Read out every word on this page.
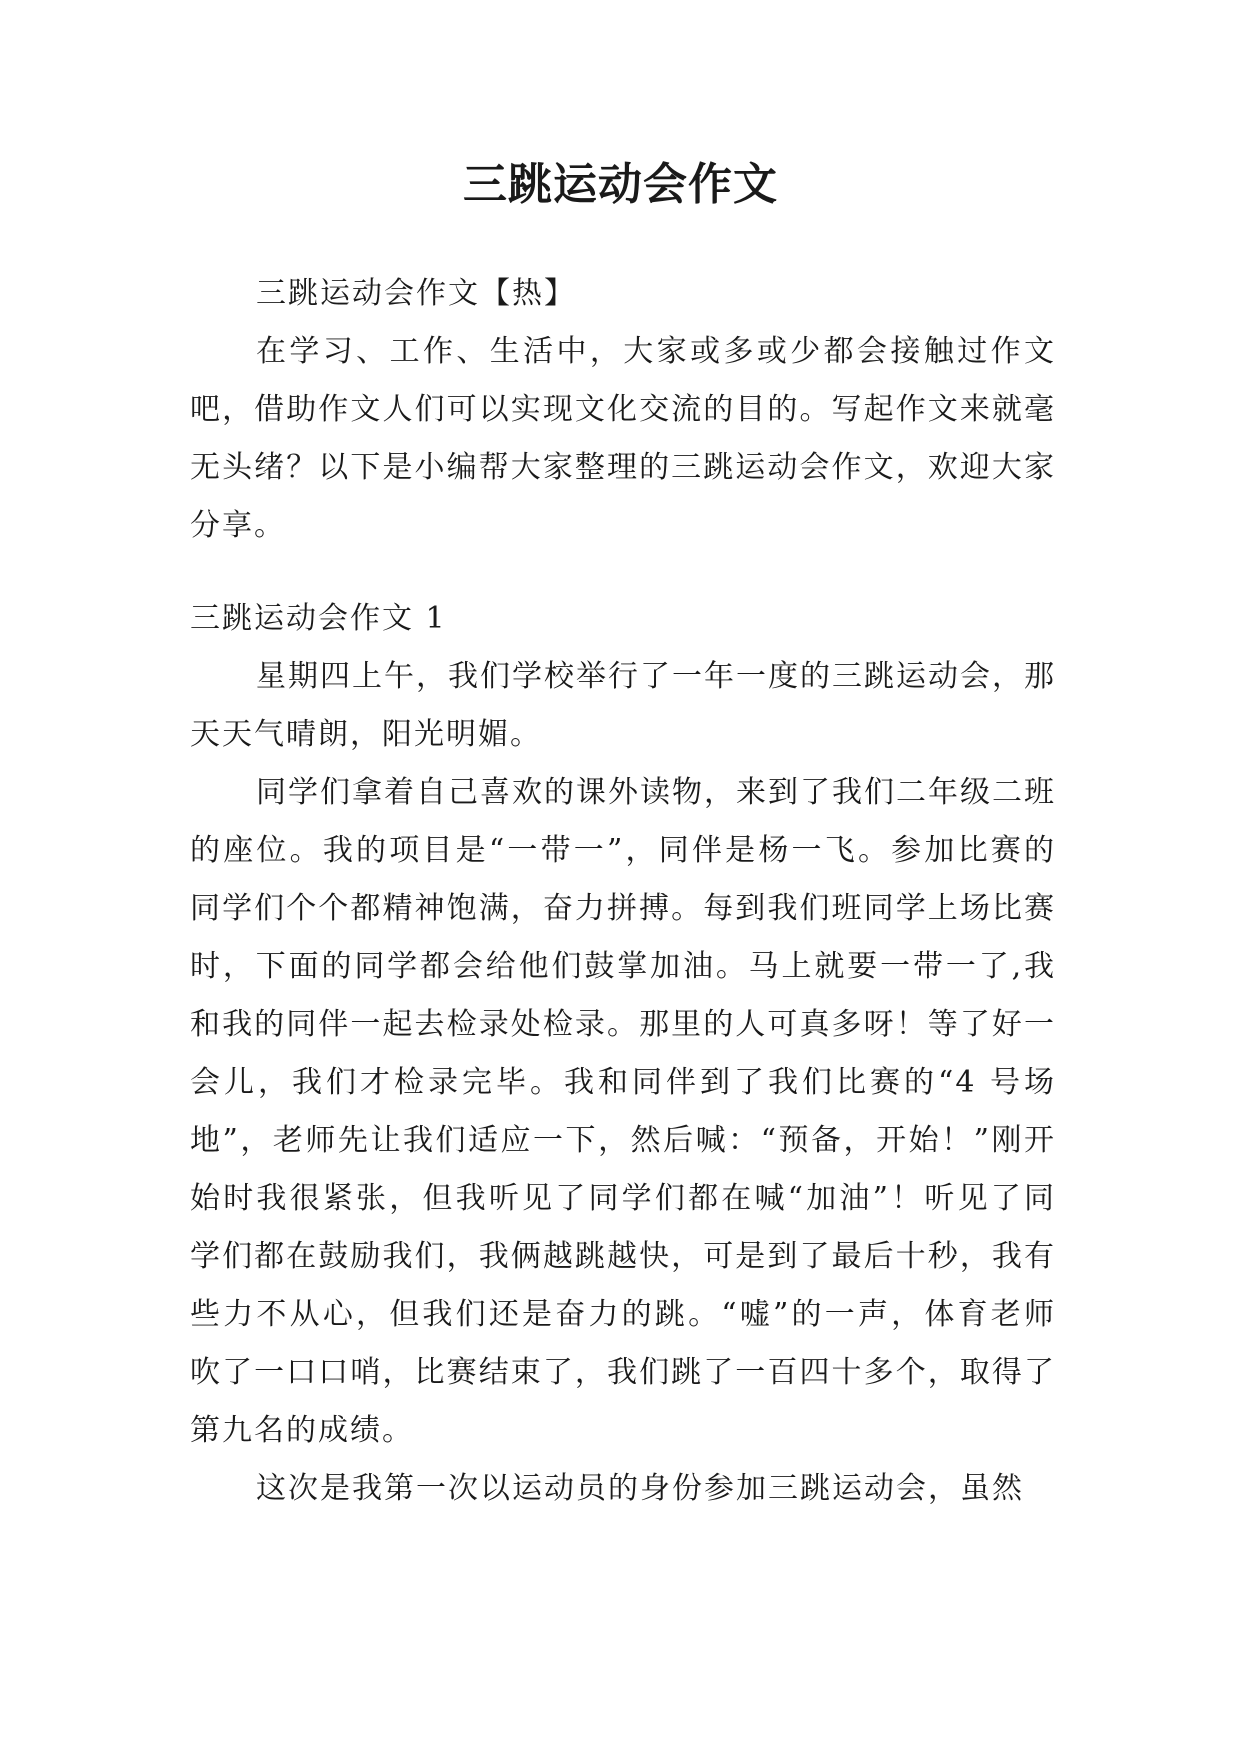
三跳运动会作文

三跳运动会作文【热】

在学习、工作、生活中，大家或多或少都会接触过作文吧，借助作文人们可以实现文化交流的目的。写起作文来就毫无头绪？以下是小编帮大家整理的三跳运动会作文，欢迎大家分享。

三跳运动会作文 1

星期四上午，我们学校举行了一年一度的三跳运动会，那天天气晴朗，阳光明媚。

同学们拿着自己喜欢的课外读物，来到了我们二年级二班的座位。我的项目是“一带一”，同伴是杨一飞。参加比赛的同学们个个都精神饱满，奋力拼搏。每到我们班同学上场比赛时，下面的同学都会给他们鼓掌加油。马上就要一带一了,我和我的同伴一起去检录处检录。那里的人可真多呀！等了好一会儿，我们才检录完毕。我和同伴到了我们比赛的“4 号场地”，老师先让我们适应一下，然后喊：“预备，开始！”刚开始时我很紧张，但我听见了同学们都在喊“加油”！听见了同学们都在鼓励我们，我俩越跳越快，可是到了最后十秒，我有些力不从心，但我们还是奋力的跳。“嘘”的一声，体育老师吹了一口口哨，比赛结束了，我们跳了一百四十多个，取得了第九名的成绩。

这次是我第一次以运动员的身份参加三跳运动会，虽然
